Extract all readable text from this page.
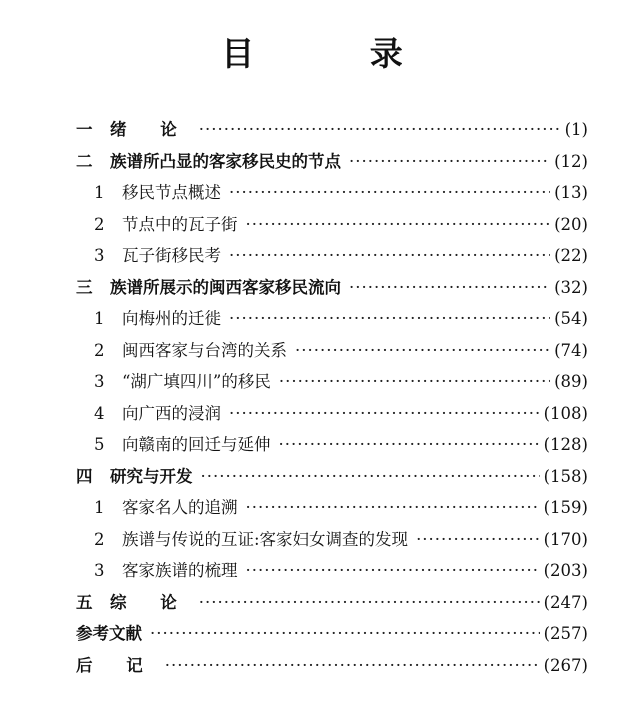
目 录
一	绪 论 ·····	(1)
二	族谱所凸显的客家移民史的节点 ·····	(12)
1	移民节点概述 ·····	(13)
2	节点中的瓦子街 ·····	(20)
3	瓦子街移民考 ·····	(22)
三	族谱所展示的闽西客家移民流向 ·····	(32)
1	向梅州的迁徙 ·····	(54)
2	闽西客家与台湾的关系 ·····	(74)
3	“湖广填四川”的移民 ·····	(89)
4	向广西的浸润 ·····	(108)
5	向赣南的回迁与延伸 ·····	(128)
四	研究与开发 ·····	(158)
1	客家名人的追溯 ·····	(159)
2	族谱与传说的互证:客家妇女调查的发现 ·····	(170)
3	客家族谱的梳理 ·····	(203)
五	综 论 ·····	(247)
参考文献 ·····	(257)
后 记 ·····	(267)
